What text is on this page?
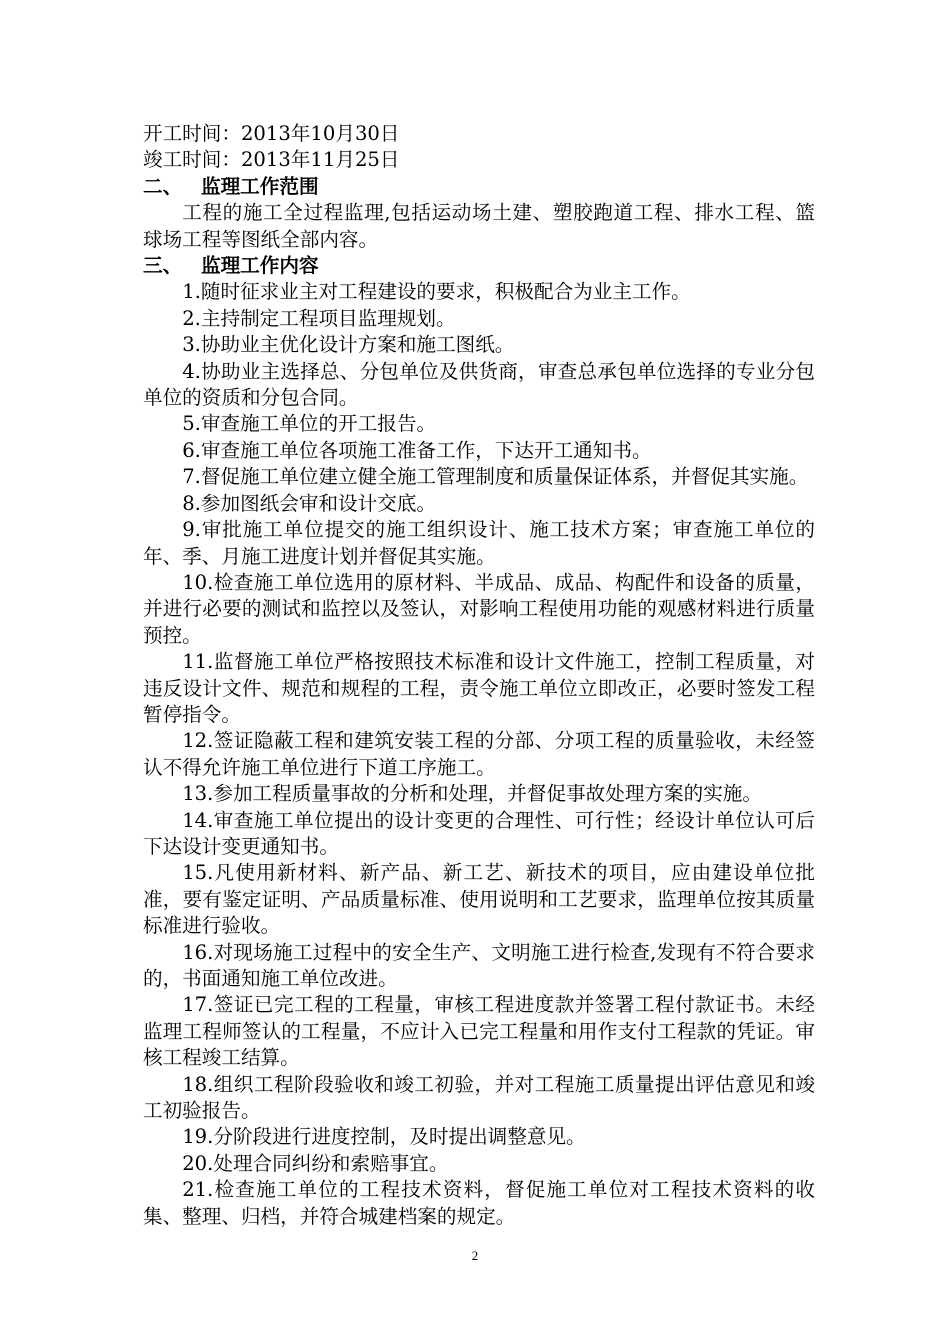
开工时间：2013年10月30日

竣工时间：2013年11月25日

二、 监理工作范围

工程的施工全过程监理,包括运动场土建、塑胶跑道工程、排水工程、篮球场工程等图纸全部内容。

三、 监理工作内容

1.随时征求业主对工程建设的要求，积极配合为业主工作。

2.主持制定工程项目监理规划。

3.协助业主优化设计方案和施工图纸。

4.协助业主选择总、分包单位及供货商，审查总承包单位选择的专业分包单位的资质和分包合同。

5.审查施工单位的开工报告。

6.审查施工单位各项施工准备工作，下达开工通知书。

7.督促施工单位建立健全施工管理制度和质量保证体系，并督促其实施。

8.参加图纸会审和设计交底。

9.审批施工单位提交的施工组织设计、施工技术方案；审查施工单位的年、季、月施工进度计划并督促其实施。

10.检查施工单位选用的原材料、半成品、成品、构配件和设备的质量，并进行必要的测试和监控以及签认，对影响工程使用功能的观感材料进行质量预控。

11.监督施工单位严格按照技术标准和设计文件施工，控制工程质量，对违反设计文件、规范和规程的工程，责令施工单位立即改正，必要时签发工程暂停指令。

12.签证隐蔽工程和建筑安装工程的分部、分项工程的质量验收，未经签认不得允许施工单位进行下道工序施工。

13.参加工程质量事故的分析和处理，并督促事故处理方案的实施。

14.审查施工单位提出的设计变更的合理性、可行性；经设计单位认可后下达设计变更通知书。

15.凡使用新材料、新产品、新工艺、新技术的项目，应由建设单位批准，要有鉴定证明、产品质量标准、使用说明和工艺要求，监理单位按其质量标准进行验收。

16.对现场施工过程中的安全生产、文明施工进行检查,发现有不符合要求的，书面通知施工单位改进。

17.签证已完工程的工程量，审核工程进度款并签署工程付款证书。未经监理工程师签认的工程量，不应计入已完工程量和用作支付工程款的凭证。审核工程竣工结算。

18.组织工程阶段验收和竣工初验，并对工程施工质量提出评估意见和竣工初验报告。

19.分阶段进行进度控制，及时提出调整意见。

20.处理合同纠纷和索赔事宜。

21.检查施工单位的工程技术资料，督促施工单位对工程技术资料的收集、整理、归档，并符合城建档案的规定。

2
